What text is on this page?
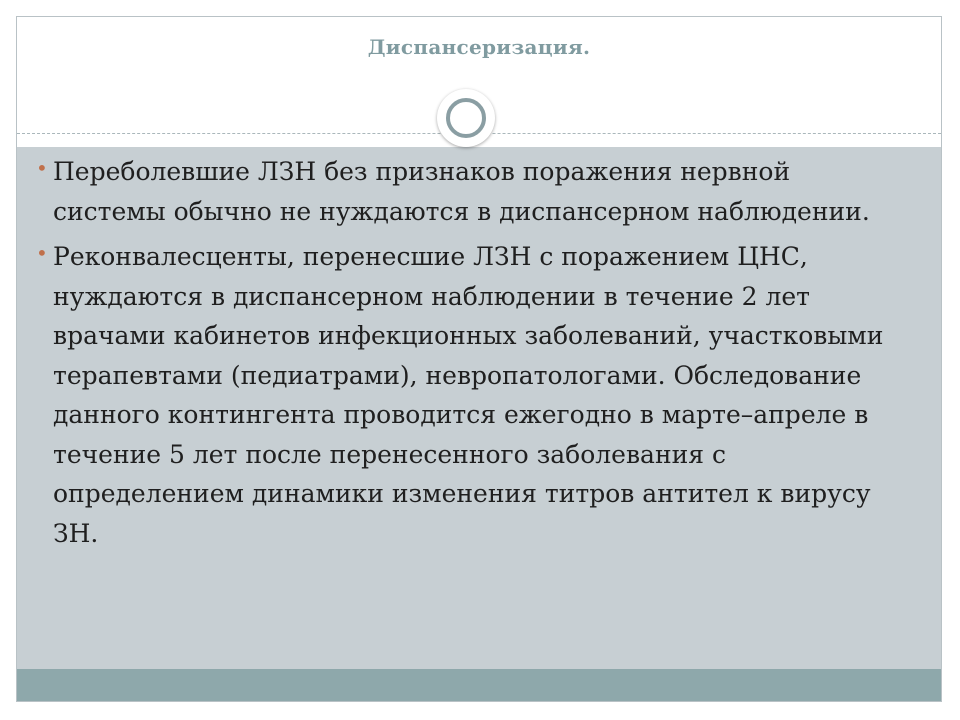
Диспансеризация.
• Переболевшие ЛЗН без признаков поражения нервной системы обычно не нуждаются в диспансерном наблюдении.
• Реконвалесценты, перенесшие ЛЗН с поражением ЦНС, нуждаются в диспансерном наблюдении в течение 2 лет врачами кабинетов инфекционных заболеваний, участковыми терапевтами (педиатрами), невропатологами. Обследование данного контингента проводится ежегодно в марте–апреле в течение 5 лет после перенесенного заболевания с определением динамики изменения титров антител к вирусу ЗН.
